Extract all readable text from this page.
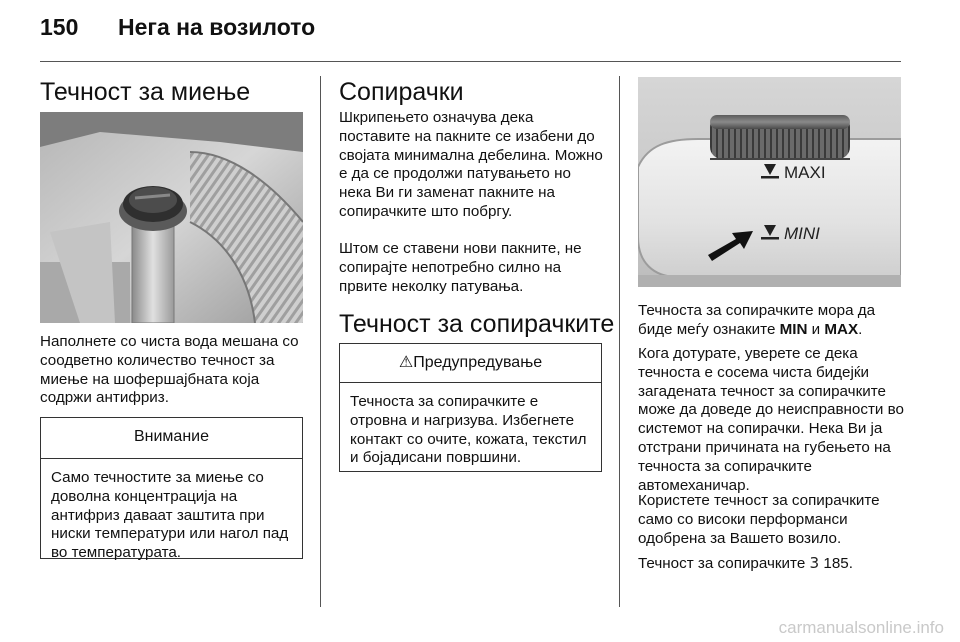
150 Нега на возилото
Течност за миење
Наполнете со чиста вода мешана со соодветно количество течност за миење на шофершајбната која содржи антифриз.
Внимание
Само течностите за миење со доволна концентрација на антифриз даваат заштита при ниски температури или нагол пад во температурата.
Сопирачки
Шкрипењето означува дека поставите на пакните се изабени до својата минимална дебелина. Можно е да се продолжи патувањето но нека Ви ги заменат пакните на сопирачките што побргу.
Штом се ставени нови пакните, не сопирајте непотребно силно на првите неколку патувања.
Течност за сопирачките
⚠Предупредување
Течноста за сопирачките е отровна и нагризува. Избегнете контакт со очите, кожата, текстил и бојадисани површини.
MAXI
MINI
Течноста за сопирачките мора да биде меѓу ознаките MIN и MAX.
Кога дотурате, уверете се дека течноста е сосема чиста бидејќи загадената течност за сопирачките може да доведе до неисправности во системот на сопирачки. Нека Ви ја отстрани причината на губењето на течноста за сопирачките автомеханичар.
Користете течност за сопирачките само со високи перформанси одобрена за Вашето возило.
Течност за сопирачките 3 185.
carmanualsonline.info
